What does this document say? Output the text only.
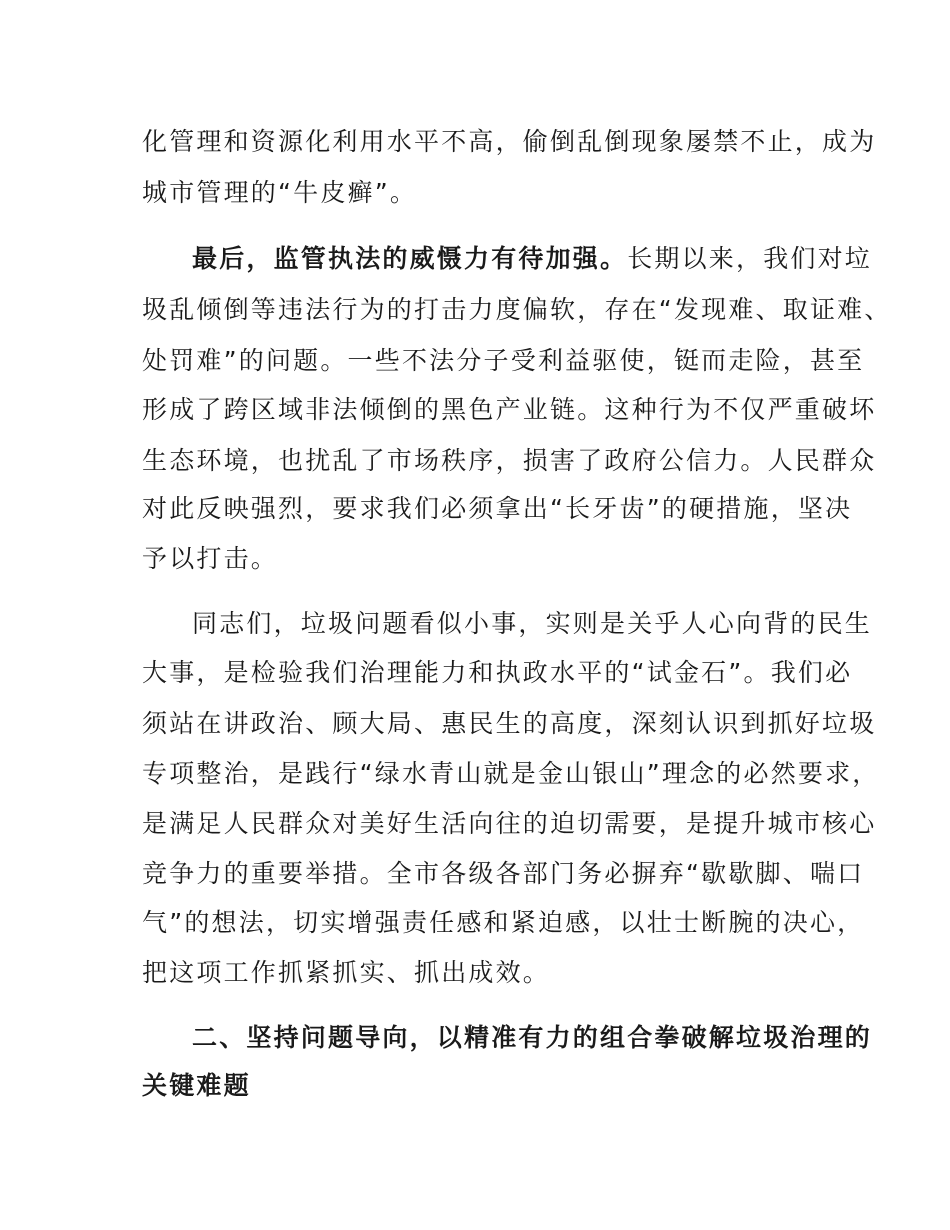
化管理和资源化利用水平不高，偷倒乱倒现象屡禁不止，成为
城市管理的“牛皮癣”。
最后，监管执法的威慑力有待加强。长期以来，我们对垃
圾乱倾倒等违法行为的打击力度偏软，存在“发现难、取证难、
处罚难”的问题。一些不法分子受利益驱使，铤而走险，甚至
形成了跨区域非法倾倒的黑色产业链。这种行为不仅严重破坏
生态环境，也扰乱了市场秩序，损害了政府公信力。人民群众
对此反映强烈，要求我们必须拿出“长牙齿”的硬措施，坚决
予以打击。
同志们，垃圾问题看似小事，实则是关乎人心向背的民生
大事，是检验我们治理能力和执政水平的“试金石”。我们必
须站在讲政治、顾大局、惠民生的高度，深刻认识到抓好垃圾
专项整治，是践行“绿水青山就是金山银山”理念的必然要求，
是满足人民群众对美好生活向往的迫切需要，是提升城市核心
竞争力的重要举措。全市各级各部门务必摒弃“歇歇脚、喘口
气”的想法，切实增强责任感和紧迫感，以壮士断腕的决心，
把这项工作抓紧抓实、抓出成效。
二、坚持问题导向，以精准有力的组合拳破解垃圾治理的
关键难题
